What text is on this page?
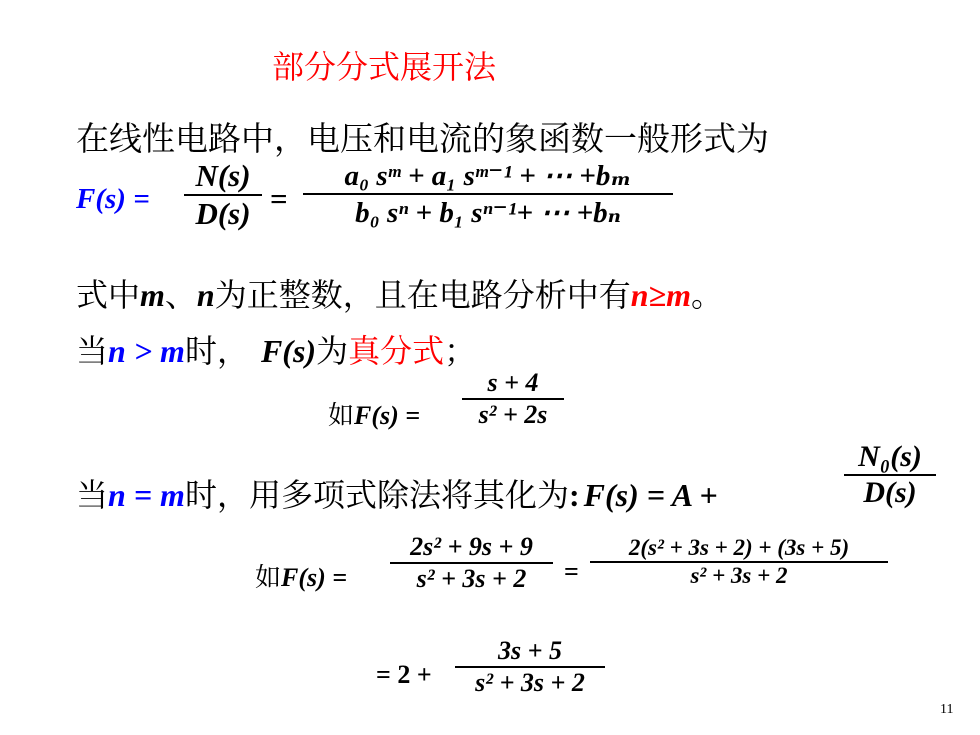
部分分式展开法
在线性电路中，电压和电流的象函数一般形式为
F(s) =
N(s)
D(s) =
a₀ sᵐ + a₁ sᵐ⁻¹ + ⋯ +bₘ
b₀ sⁿ + b₁ sⁿ⁻¹+ ⋯ +bₙ
式中m、n为正整数，且在电路分析中有n≥m。
当n > m时， F(s)为真分式；
如F(s) =
s + 4
s² + 2s
当n = m时，用多项式除法将其化为: F(s) = A +
N₀(s)
D(s)
如F(s) =
2s² + 9s + 9
s² + 3s + 2 =
2(s² + 3s + 2) + (3s + 5)
s² + 3s + 2
= 2 +
3s + 5
s² + 3s + 2
11
